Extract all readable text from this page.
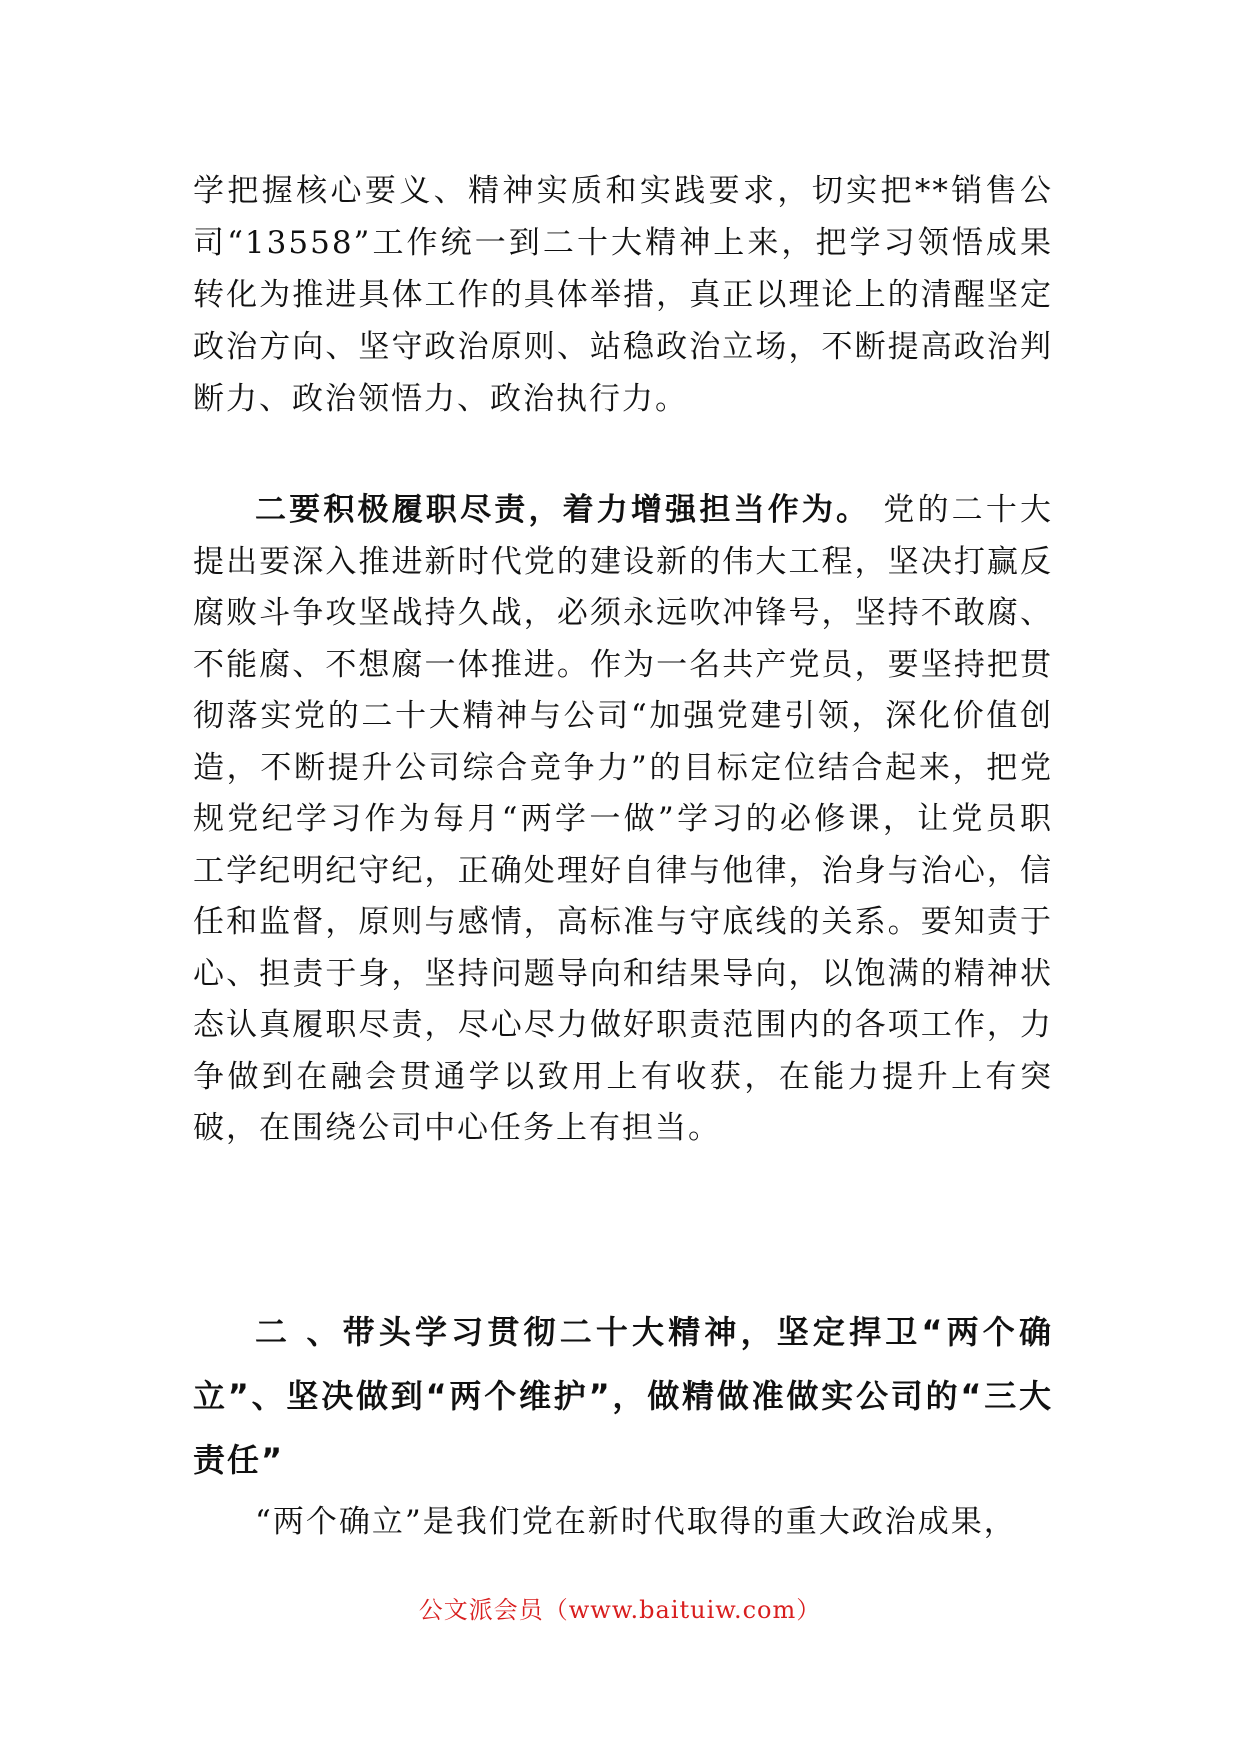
学把握核心要义、精神实质和实践要求，切实把**销售公司“13558”工作统一到二十大精神上来，把学习领悟成果转化为推进具体工作的具体举措，真正以理论上的清醒坚定政治方向、坚守政治原则、站稳政治立场，不断提高政治判断力、政治领悟力、政治执行力。
二要积极履职尽责，着力增强担当作为。 党的二十大提出要深入推进新时代党的建设新的伟大工程，坚决打赢反腐败斗争攻坚战持久战，必须永远吹冲锋号，坚持不敢腐、不能腐、不想腐一体推进。作为一名共产党员，要坚持把贯彻落实党的二十大精神与公司“加强党建引领，深化价值创造，不断提升公司综合竞争力”的目标定位结合起来，把党规党纪学习作为每月“两学一做”学习的必修课，让党员职工学纪明纪守纪，正确处理好自律与他律，治身与治心，信任和监督，原则与感情，高标准与守底线的关系。要知责于心、担责于身，坚持问题导向和结果导向，以饱满的精神状态认真履职尽责，尽心尽力做好职责范围内的各项工作，力争做到在融会贯通学以致用上有收获，在能力提升上有突破，在围绕公司中心任务上有担当。
二 、带头学习贯彻二十大精神，坚定捍卫“两个确立”、坚决做到“两个维护”，做精做准做实公司的“三大责任”
“两个确立”是我们党在新时代取得的重大政治成果，
公文派会员（www.baituiw.com）
